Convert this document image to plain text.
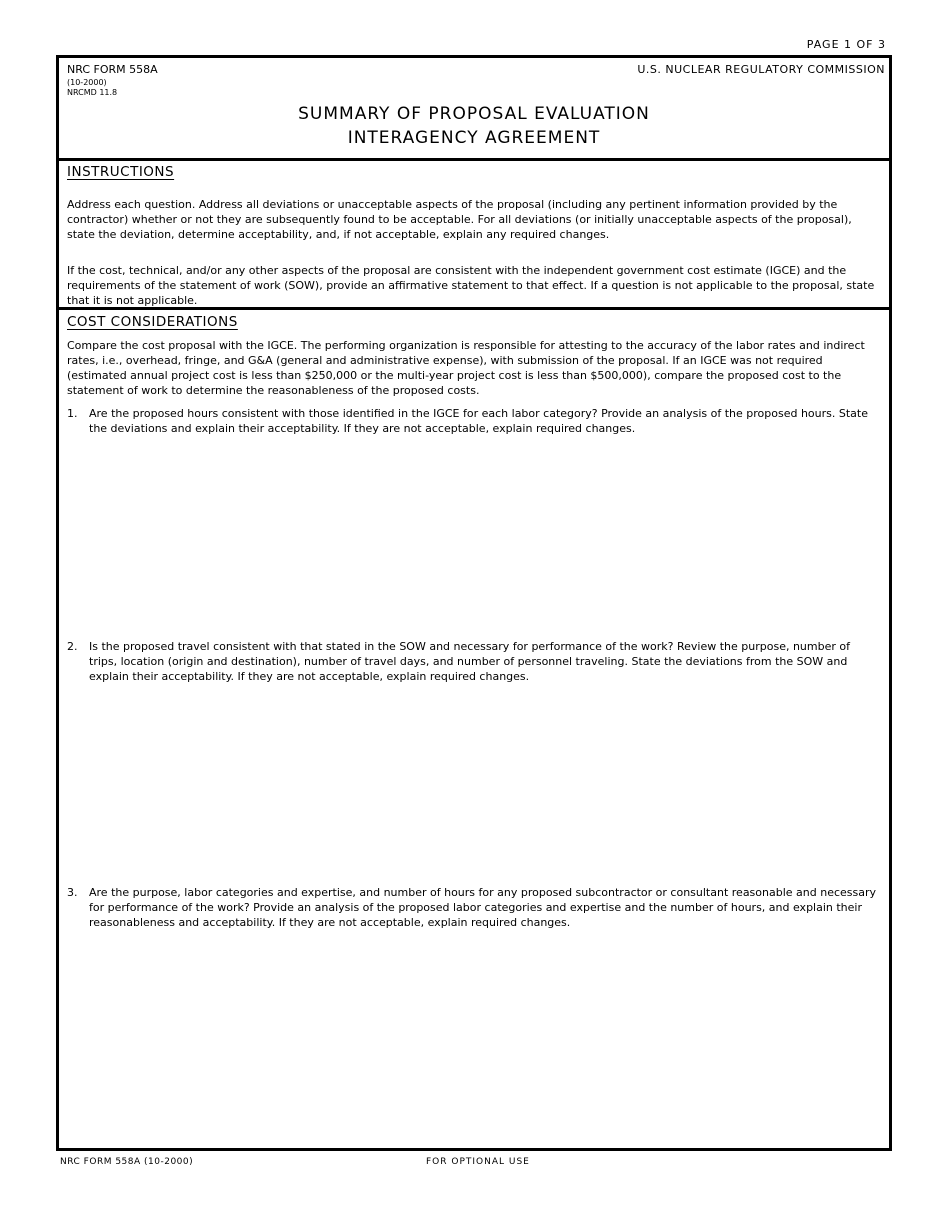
PAGE 1 OF 3
NRC FORM 558A
(10-2000)
NRCMD 11.8
U.S. NUCLEAR REGULATORY COMMISSION
SUMMARY OF PROPOSAL EVALUATION
INTERAGENCY AGREEMENT
INSTRUCTIONS
Address each question. Address all deviations or unacceptable aspects of the proposal (including any pertinent information provided by the contractor) whether or not they are subsequently found to be acceptable. For all deviations (or initially unacceptable aspects of the proposal), state the deviation, determine acceptability, and, if not acceptable, explain any required changes.
If the cost, technical, and/or any other aspects of the proposal are consistent with the independent government cost estimate (IGCE) and the requirements of the statement of work (SOW), provide an affirmative statement to that effect. If a question is not applicable to the proposal, state that it is not applicable.
COST CONSIDERATIONS
Compare the cost proposal with the IGCE. The performing organization is responsible for attesting to the accuracy of the labor rates and indirect rates, i.e., overhead, fringe, and G&A (general and administrative expense), with submission of the proposal. If an IGCE was not required (estimated annual project cost is less than $250,000 or the multi-year project cost is less than $500,000), compare the proposed cost to the statement of work to determine the reasonableness of the proposed costs.
1. Are the proposed hours consistent with those identified in the IGCE for each labor category? Provide an analysis of the proposed hours. State the deviations and explain their acceptability. If they are not acceptable, explain required changes.
2. Is the proposed travel consistent with that stated in the SOW and necessary for performance of the work? Review the purpose, number of trips, location (origin and destination), number of travel days, and number of personnel traveling. State the deviations from the SOW and explain their acceptability. If they are not acceptable, explain required changes.
3. Are the purpose, labor categories and expertise, and number of hours for any proposed subcontractor or consultant reasonable and necessary for performance of the work? Provide an analysis of the proposed labor categories and expertise and the number of hours, and explain their reasonableness and acceptability. If they are not acceptable, explain required changes.
NRC FORM 558A (10-2000)	FOR OPTIONAL USE
